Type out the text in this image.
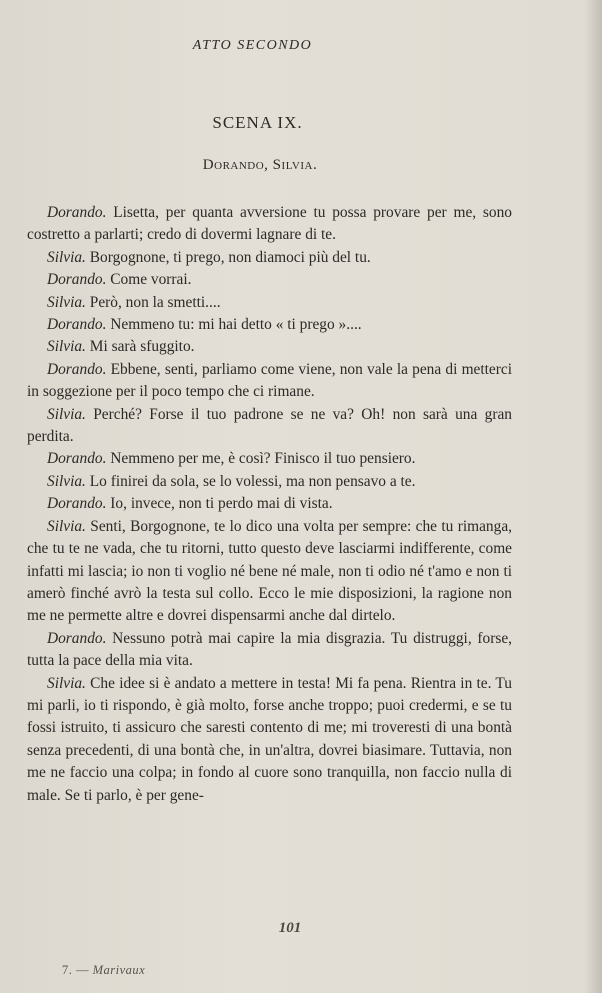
ATTO SECONDO
SCENA IX.
Dorando, Silvia.

Dorando. Lisetta, per quanta avversione tu possa provare per me, sono costretto a parlarti; credo di dovermi lagnare di te.

Silvia. Borgognone, ti prego, non diamoci più del tu.

Dorando. Come vorrai.

Silvia. Però, non la smetti....

Dorando. Nemmeno tu: mi hai detto « ti prego »....

Silvia. Mi sarà sfuggito.

Dorando. Ebbene, senti, parliamo come viene, non vale la pena di metterci in soggezione per il poco tempo che ci rimane.

Silvia. Perché? Forse il tuo padrone se ne va? Oh! non sarà una gran perdita.

Dorando. Nemmeno per me, è così? Finisco il tuo pensiero.

Silvia. Lo finirei da sola, se lo volessi, ma non pensavo a te.

Dorando. Io, invece, non ti perdo mai di vista.

Silvia. Senti, Borgognone, te lo dico una volta per sempre: che tu rimanga, che tu te ne vada, che tu ritorni, tutto questo deve lasciarmi indifferente, come infatti mi lascia; io non ti voglio né bene né male, non ti odio né t'amo e non ti amerò finché avrò la testa sul collo. Ecco le mie disposizioni, la ragione non me ne permette altre e dovrei dispensarmi anche dal dirtelo.

Dorando. Nessuno potrà mai capire la mia disgrazia. Tu distruggi, forse, tutta la pace della mia vita.

Silvia. Che idee si è andato a mettere in testa! Mi fa pena. Rientra in te. Tu mi parli, io ti rispondo, è già molto, forse anche troppo; puoi credermi, e se tu fossi istruito, ti assicuro che saresti contento di me; mi troveresti di una bontà senza precedenti, di una bontà che, in un'altra, dovrei biasimare. Tuttavia, non me ne faccio una colpa; in fondo al cuore sono tranquilla, non faccio nulla di male. Se ti parlo, è per gene-

101
7. — Marivaux
